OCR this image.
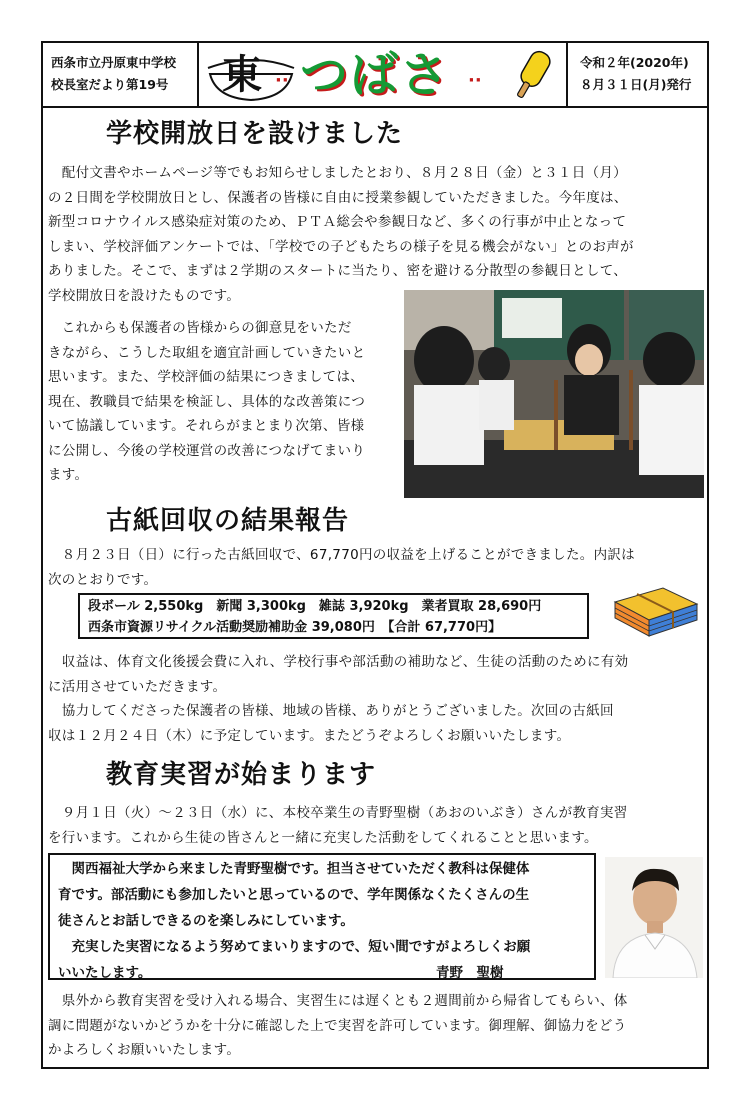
西条市立丹原東中学校
校長室だより第19号	東 ·· つばさ ··
令和２年(2020年)
８月３１日(月)発行
学校開放日を設けました
　配付文書やホームページ等でもお知らせしましたとおり、８月２８日（金）と３１日（月）
の２日間を学校開放日とし、保護者の皆様に自由に授業参観していただきました。今年度は、
新型コロナウイルス感染症対策のため、ＰＴＡ総会や参観日など、多くの行事が中止となって
しまい、学校評価アンケートでは、「学校での子どもたちの様子を見る機会がない」とのお声が
ありました。そこで、まずは２学期のスタートに当たり、密を避ける分散型の参観日として、
学校開放日を設けたものです。
　これからも保護者の皆様からの御意見をいただ
きながら、こうした取組を適宜計画していきたいと
思います。また、学校評価の結果につきましては、
現在、教職員で結果を検証し、具体的な改善策につ
いて協議しています。それらがまとまり次第、皆様
に公開し、今後の学校運営の改善につなげてまいり
ます。
古紙回収の結果報告
　８月２３日（日）に行った古紙回収で、67,770円の収益を上げることができました。内訳は
次のとおりです。
段ボール 2,550kg　新聞 3,300kg　雑誌 3,920kg　業者買取 28,690円
西条市資源リサイクル活動奨励補助金 39,080円　【合計 67,770円】
　収益は、体育文化後援会費に入れ、学校行事や部活動の補助など、生徒の活動のために有効
に活用させていただきます。
　協力してくださった保護者の皆様、地域の皆様、ありがとうございました。次回の古紙回
収は１２月２４日（木）に予定しています。またどうぞよろしくお願いいたします。
教育実習が始まります
　９月１日（火）～２３日（水）に、本校卒業生の青野聖樹（あおのいぶき）さんが教育実習
を行います。これから生徒の皆さんと一緒に充実した活動をしてくれることと思います。
　関西福祉大学から来ました青野聖樹です。担当させていただく教科は保健体
育です。部活動にも参加したいと思っているので、学年関係なくたくさんの生
徒さんとお話しできるのを楽しみにしています。
　充実した実習になるよう努めてまいりますので、短い間ですがよろしくお願
いいたします。	青野　聖樹
　県外から教育実習を受け入れる場合、実習生には遅くとも２週間前から帰省してもらい、体
調に問題がないかどうかを十分に確認した上で実習を許可しています。御理解、御協力をどう
かよろしくお願いいたします。
